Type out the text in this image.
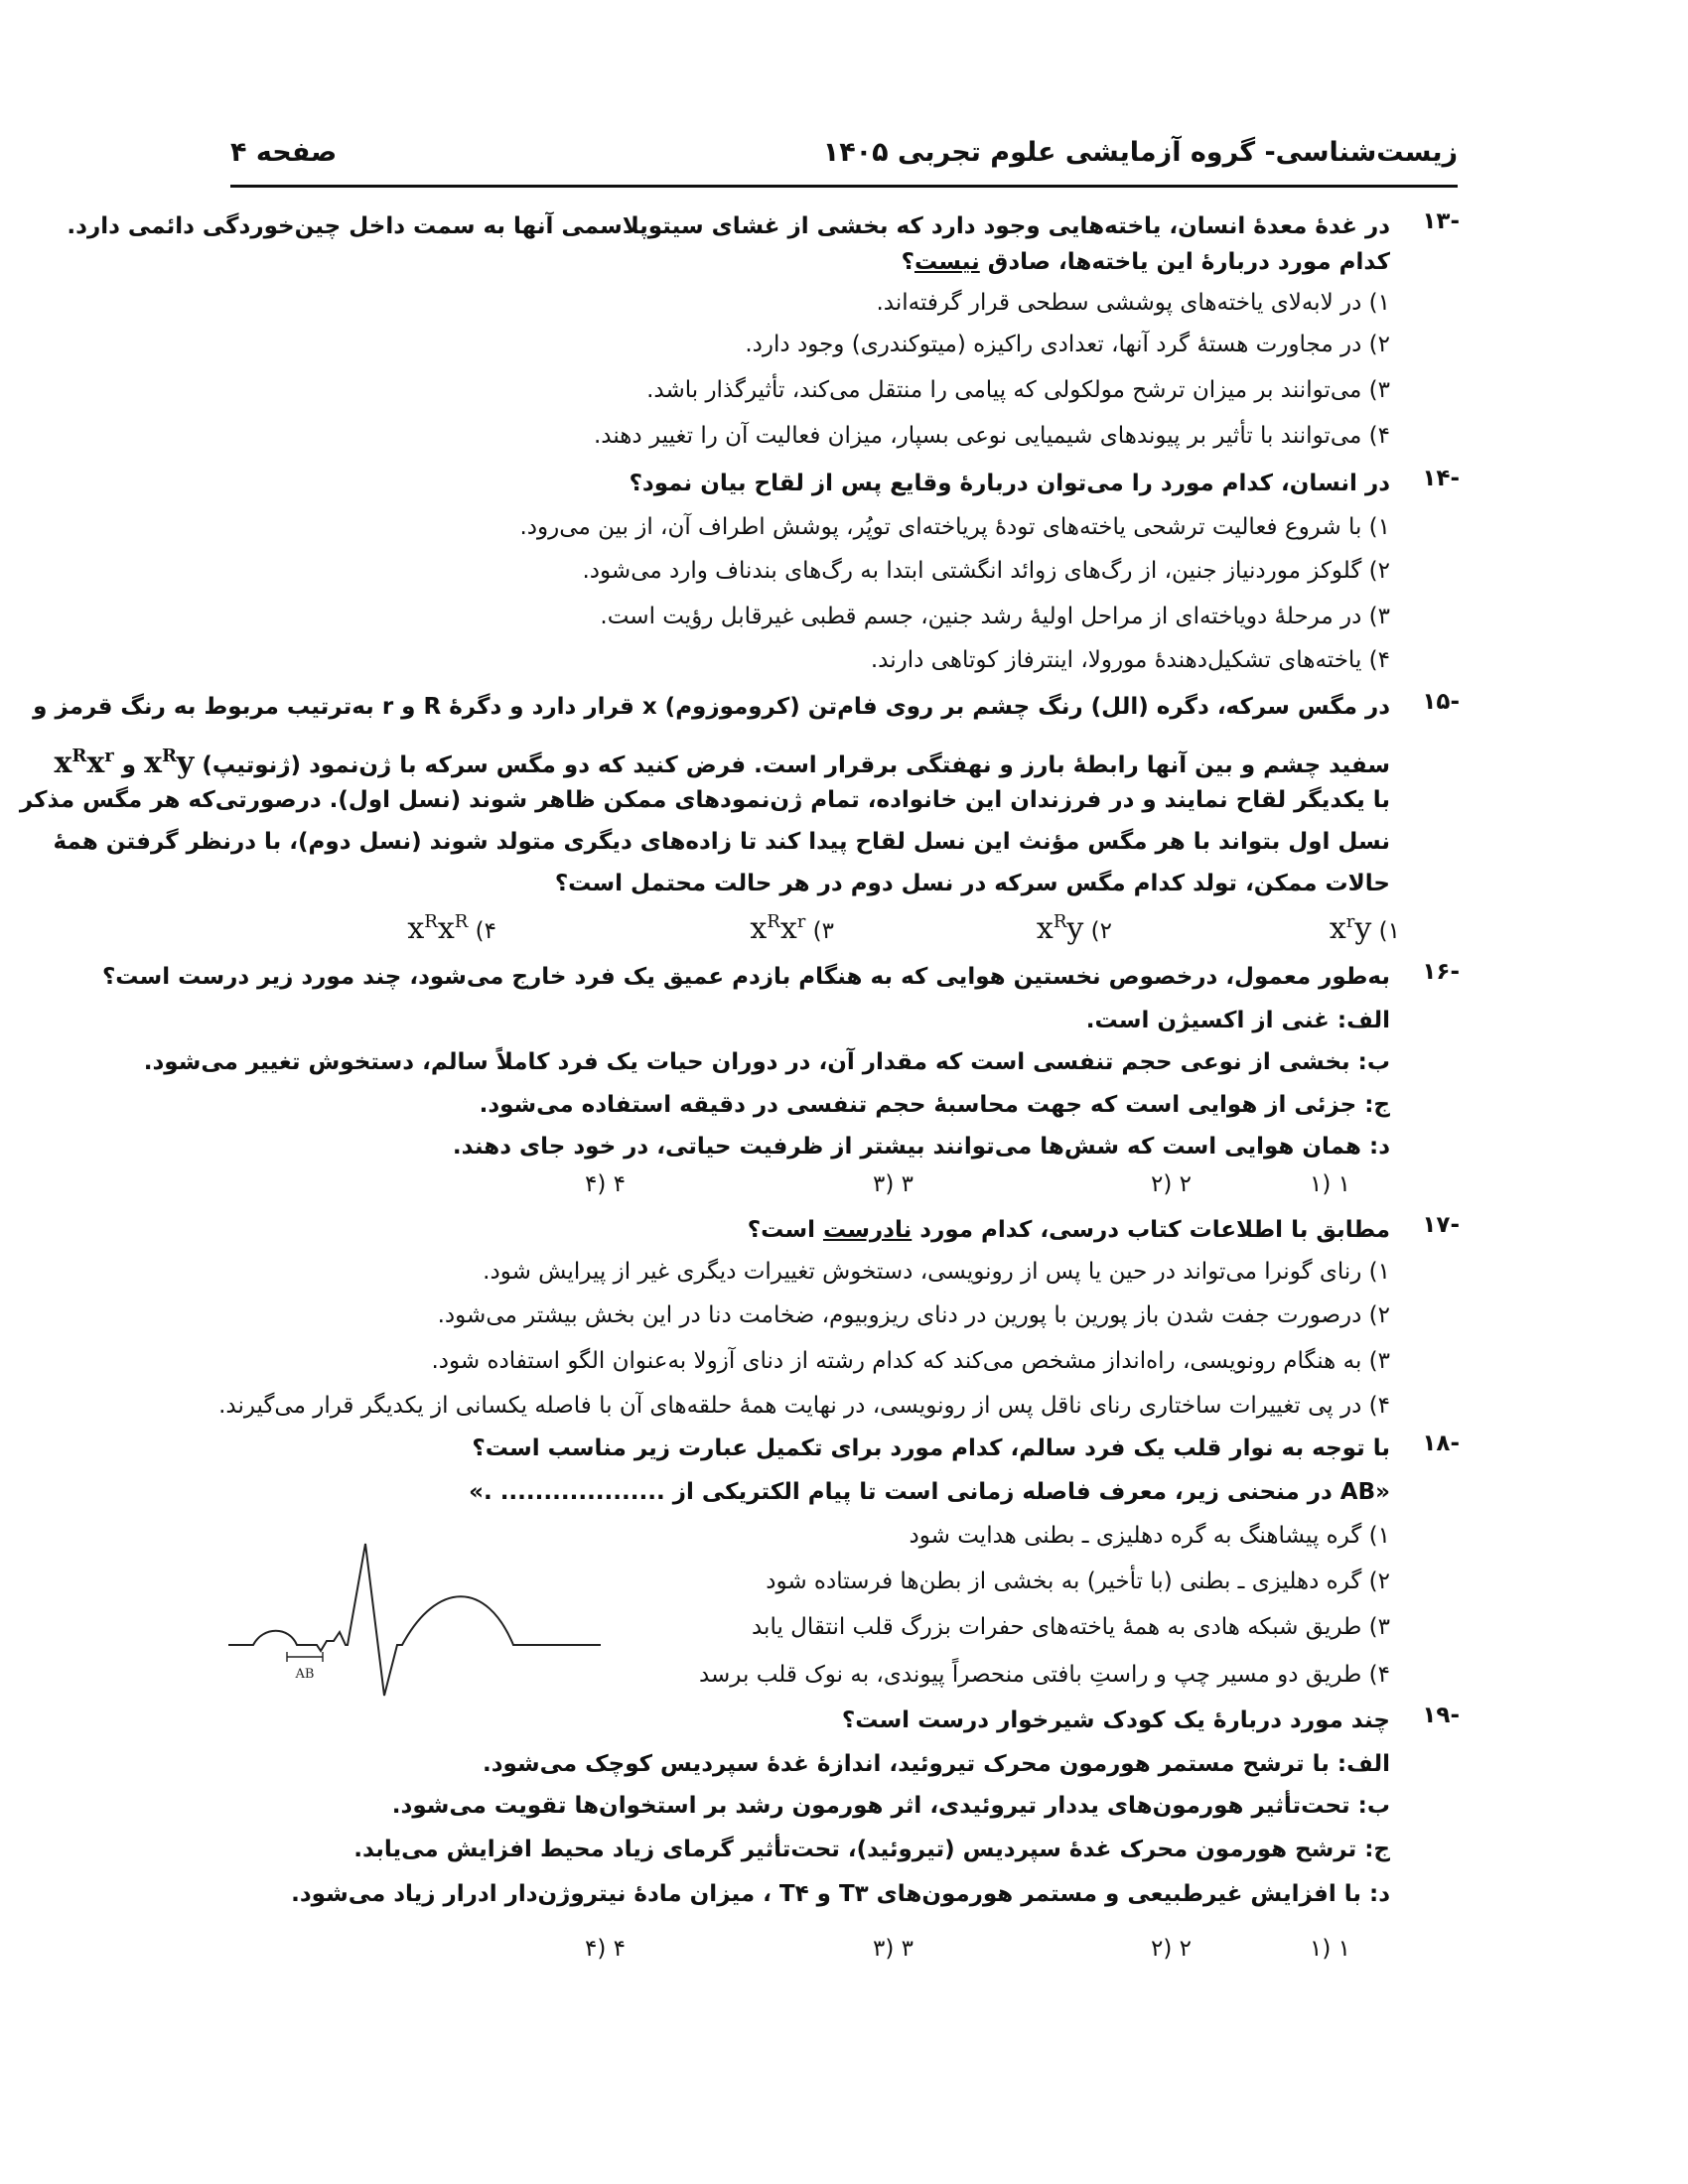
زیست‌شناسی- گروه آزمایشی علوم تجربی ۱۴۰۵
صفحه ۴
۱۳-
در غدهٔ معدهٔ انسان، یاخته‌هایی وجود دارد که بخشی از غشای سیتوپلاسمی آنها به سمت داخل چین‌خوردگی دائمی دارد.
کدام مورد دربارهٔ این یاخته‌ها، صادق نیست؟
۱) در لابه‌لای یاخته‌های پوششی سطحی قرار گرفته‌اند.
۲) در مجاورت هستهٔ گرد آنها، تعدادی راکیزه (میتوکندری) وجود دارد.
۳) می‌توانند بر میزان ترشح مولکولی که پیامی را منتقل می‌کند، تأثیرگذار باشد.
۴) می‌توانند با تأثیر بر پیوندهای شیمیایی نوعی بسپار، میزان فعالیت آن را تغییر دهند.
۱۴-
در انسان، کدام مورد را می‌توان دربارهٔ وقایع پس از لقاح بیان نمود؟
۱) با شروع فعالیت ترشحی یاخته‌های تودهٔ پریاخته‌ای توپُر، پوشش اطراف آن، از بین می‌رود.
۲) گلوکز موردنیاز جنین، از رگ‌های زوائد انگشتی ابتدا به رگ‌های بندناف وارد می‌شود.
۳) در مرحلهٔ دویاخته‌ای از مراحل اولیهٔ رشد جنین، جسم قطبی غیرقابل رؤیت است.
۴) یاخته‌های تشکیل‌دهندهٔ مورولا، اینترفاز کوتاهی دارند.
۱۵-
در مگس سرکه، دگره (الل) رنگ چشم بر روی فام‌تن (کروموزوم) x قرار دارد و دگرهٔ R و r به‌ترتیب مربوط به رنگ قرمز و
سفید چشم و بین آنها رابطهٔ بارز و نهفتگی برقرار است. فرض کنید که دو مگس سرکه با ژن‌نمود (ژنوتیپ) $x^Ry$ و $x^Rx^r$
با یکدیگر لقاح نمایند و در فرزندان این خانواده، تمام ژن‌نمودهای ممکن ظاهر شوند (نسل اول). درصورتی‌که هر مگس مذکر
نسل اول بتواند با هر مگس مؤنث این نسل لقاح پیدا کند تا زاده‌های دیگری متولد شوند (نسل دوم)، با درنظر گرفتن همهٔ
حالات ممکن، تولد کدام مگس سرکه در نسل دوم در هر حالت محتمل است؟
۱) $x^ry$
۲) $x^Ry$
۳) $x^Rx^r$
۴) $x^Rx^R$
۱۶-
به‌طور معمول، درخصوص نخستین هوایی که به هنگام بازدم عمیق یک فرد خارج می‌شود، چند مورد زیر درست است؟
الف: غنی از اکسیژن است.
ب: بخشی از نوعی حجم تنفسی است که مقدار آن، در دوران حیات یک فرد کاملاً سالم، دستخوش تغییر می‌شود.
ج: جزئی از هوایی است که جهت محاسبهٔ حجم تنفسی در دقیقه استفاده می‌شود.
د: همان هوایی است که شش‌ها می‌توانند بیشتر از ظرفیت حیاتی، در خود جای دهند.
۱ (۱
۲ (۲
۳ (۳
۴ (۴
۱۷-
مطابق با اطلاعات کتاب درسی، کدام مورد نادرست است؟
۱) رنای گونرا می‌تواند در حین یا پس از رونویسی، دستخوش تغییرات دیگری غیر از پیرایش شود.
۲) درصورت جفت شدن باز پورین با پورین در دنای ریزوبیوم، ضخامت دنا در این بخش بیشتر می‌شود.
۳) به هنگام رونویسی، راه‌انداز مشخص می‌کند که کدام رشته از دنای آزولا به‌عنوان الگو استفاده شود.
۴) در پی تغییرات ساختاری رنای ناقل پس از رونویسی، در نهایت همهٔ حلقه‌های آن با فاصله یکسانی از یکدیگر قرار می‌گیرند.
۱۸-
با توجه به نوار قلب یک فرد سالم، کدام مورد برای تکمیل عبارت زیر مناسب است؟
«AB در منحنی زیر، معرف فاصله زمانی است تا پیام الکتریکی از ................... .»
۱) گره پیشاهنگ به گره دهلیزی ـ بطنی هدایت شود
۲) گره دهلیزی ـ بطنی (با تأخیر) به بخشی از بطن‌ها فرستاده شود
۳) طریق شبکه هادی به همهٔ یاخته‌های حفرات بزرگ قلب انتقال یابد
۴) طریق دو مسیر چپ و راستِ بافتی منحصراً پیوندی، به نوک قلب برسد
AB
۱۹-
چند مورد دربارهٔ یک کودک شیرخوار درست است؟
الف: با ترشح مستمر هورمون محرک تیروئید، اندازهٔ غدهٔ سپردیس کوچک می‌شود.
ب: تحت‌تأثیر هورمون‌های یددار تیروئیدی، اثر هورمون رشد بر استخوان‌ها تقویت می‌شود.
ج: ترشح هورمون محرک غدهٔ سپردیس (تیروئید)، تحت‌تأثیر گرمای زیاد محیط افزایش می‌یابد.
د: با افزایش غیرطبیعی و مستمر هورمون‌های T۳ و T۴ ، میزان مادهٔ نیتروژن‌دار ادرار زیاد می‌شود.
۱ (۱
۲ (۲
۳ (۳
۴ (۴
